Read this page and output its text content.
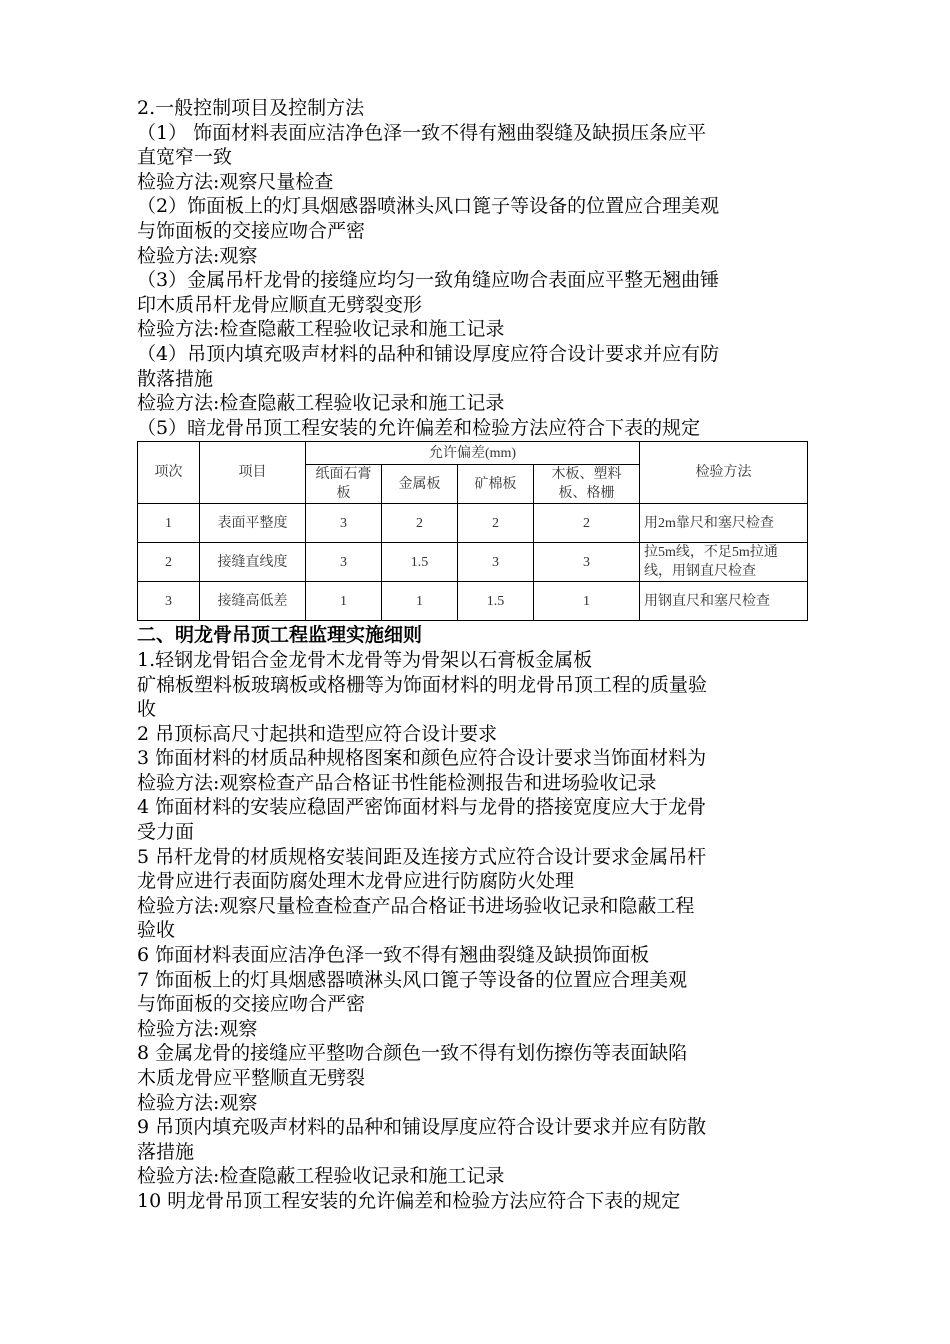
2.一般控制项目及控制方法
（1） 饰面材料表面应洁净色泽一致不得有翘曲裂缝及缺损压条应平
直宽窄一致
检验方法:观察尺量检查
（2）饰面板上的灯具烟感器喷淋头风口篦子等设备的位置应合理美观
与饰面板的交接应吻合严密
检验方法:观察
（3）金属吊杆龙骨的接缝应均匀一致角缝应吻合表面应平整无翘曲锤
印木质吊杆龙骨应顺直无劈裂变形
检验方法:检查隐蔽工程验收记录和施工记录
（4）吊顶内填充吸声材料的品种和铺设厚度应符合设计要求并应有防
散落措施
检验方法:检查隐蔽工程验收记录和施工记录
（5）暗龙骨吊顶工程安装的允许偏差和检验方法应符合下表的规定
项次	项目	允许偏差(mm)				检验方法
		纸面石膏板	金属板	矿棉板	木板、塑料板、格栅	
1	表面平整度	3	2	2	2	用2m靠尺和塞尺检查
2	接缝直线度	3	1.5	3	3	拉5m线，不足5m拉通线，用钢直尺检查
3	接缝高低差	1	1	1.5	1	用钢直尺和塞尺检查
二、明龙骨吊顶工程监理实施细则
1.轻钢龙骨铝合金龙骨木龙骨等为骨架以石膏板金属板
矿棉板塑料板玻璃板或格栅等为饰面材料的明龙骨吊顶工程的质量验
收
2 吊顶标高尺寸起拱和造型应符合设计要求
3 饰面材料的材质品种规格图案和颜色应符合设计要求当饰面材料为
检验方法:观察检查产品合格证书性能检测报告和进场验收记录
4 饰面材料的安装应稳固严密饰面材料与龙骨的搭接宽度应大于龙骨
受力面
5 吊杆龙骨的材质规格安装间距及连接方式应符合设计要求金属吊杆
龙骨应进行表面防腐处理木龙骨应进行防腐防火处理
检验方法:观察尺量检查检查产品合格证书进场验收记录和隐蔽工程
验收
6 饰面材料表面应洁净色泽一致不得有翘曲裂缝及缺损饰面板
7 饰面板上的灯具烟感器喷淋头风口篦子等设备的位置应合理美观
与饰面板的交接应吻合严密
检验方法:观察
8 金属龙骨的接缝应平整吻合颜色一致不得有划伤擦伤等表面缺陷
木质龙骨应平整顺直无劈裂
检验方法:观察
9 吊顶内填充吸声材料的品种和铺设厚度应符合设计要求并应有防散
落措施
检验方法:检查隐蔽工程验收记录和施工记录
10 明龙骨吊顶工程安装的允许偏差和检验方法应符合下表的规定
